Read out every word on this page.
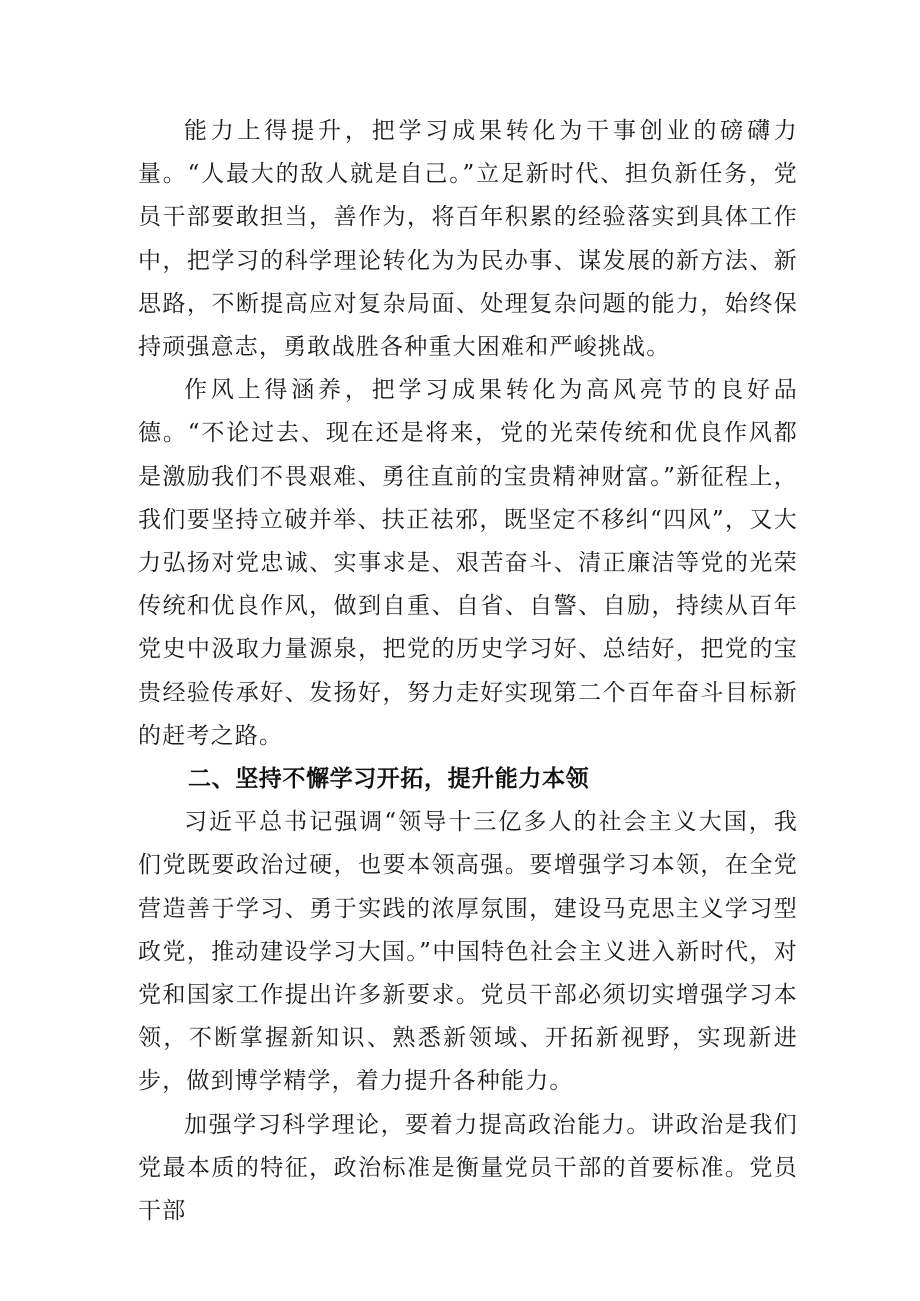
能力上得提升，把学习成果转化为干事创业的磅礴力量。“人最大的敌人就是自己。”立足新时代、担负新任务，党员干部要敢担当，善作为，将百年积累的经验落实到具体工作中，把学习的科学理论转化为为民办事、谋发展的新方法、新思路，不断提高应对复杂局面、处理复杂问题的能力，始终保持顽强意志，勇敢战胜各种重大困难和严峻挑战。

作风上得涵养，把学习成果转化为高风亮节的良好品德。“不论过去、现在还是将来，党的光荣传统和优良作风都是激励我们不畏艰难、勇往直前的宝贵精神财富。”新征程上，我们要坚持立破并举、扶正祛邪，既坚定不移纠“四风”，又大力弘扬对党忠诚、实事求是、艰苦奋斗、清正廉洁等党的光荣传统和优良作风，做到自重、自省、自警、自励，持续从百年党史中汲取力量源泉，把党的历史学习好、总结好，把党的宝贵经验传承好、发扬好，努力走好实现第二个百年奋斗目标新的赶考之路。

二、坚持不懈学习开拓，提升能力本领

习近平总书记强调“领导十三亿多人的社会主义大国，我们党既要政治过硬，也要本领高强。要增强学习本领，在全党营造善于学习、勇于实践的浓厚氛围，建设马克思主义学习型政党，推动建设学习大国。”中国特色社会主义进入新时代，对党和国家工作提出许多新要求。党员干部必须切实增强学习本领，不断掌握新知识、熟悉新领域、开拓新视野，实现新进步，做到博学精学，着力提升各种能力。

加强学习科学理论，要着力提高政治能力。讲政治是我们党最本质的特征，政治标准是衡量党员干部的首要标准。党员干部
